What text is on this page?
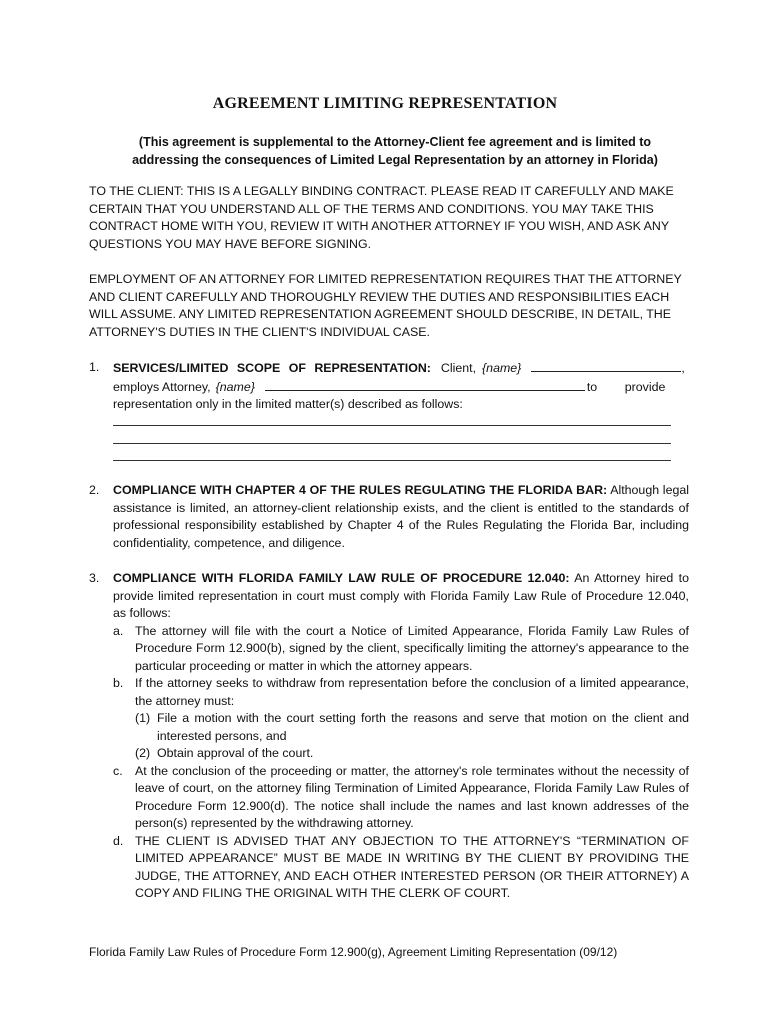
AGREEMENT LIMITING REPRESENTATION
(This agreement is supplemental to the Attorney-Client fee agreement and is limited to addressing the consequences of Limited Legal Representation by an attorney in Florida)
TO THE CLIENT: THIS IS A LEGALLY BINDING CONTRACT. PLEASE READ IT CAREFULLY AND MAKE CERTAIN THAT YOU UNDERSTAND ALL OF THE TERMS AND CONDITIONS. YOU MAY TAKE THIS CONTRACT HOME WITH YOU, REVIEW IT WITH ANOTHER ATTORNEY IF YOU WISH, AND ASK ANY QUESTIONS YOU MAY HAVE BEFORE SIGNING.
EMPLOYMENT OF AN ATTORNEY FOR LIMITED REPRESENTATION REQUIRES THAT THE ATTORNEY AND CLIENT CAREFULLY AND THOROUGHLY REVIEW THE DUTIES AND RESPONSIBILITIES EACH WILL ASSUME. ANY LIMITED REPRESENTATION AGREEMENT SHOULD DESCRIBE, IN DETAIL, THE ATTORNEY'S DUTIES IN THE CLIENT'S INDIVIDUAL CASE.
1. SERVICES/LIMITED SCOPE OF REPRESENTATION: Client, {name}	,
employs Attorney, {name}	to        provide
representation only in the limited matter(s) described as follows:
2. COMPLIANCE WITH CHAPTER 4 OF THE RULES REGULATING THE FLORIDA BAR: Although legal assistance is limited, an attorney-client relationship exists, and the client is entitled to the standards of professional responsibility established by Chapter 4 of the Rules Regulating the Florida Bar, including confidentiality, competence, and diligence.
3. COMPLIANCE WITH FLORIDA FAMILY LAW RULE OF PROCEDURE 12.040: An Attorney hired to provide limited representation in court must comply with Florida Family Law Rule of Procedure 12.040, as follows:
a. The attorney will file with the court a Notice of Limited Appearance, Florida Family Law Rules of Procedure Form 12.900(b), signed by the client, specifically limiting the attorney's appearance to the particular proceeding or matter in which the attorney appears.
b. If the attorney seeks to withdraw from representation before the conclusion of a limited appearance, the attorney must:
(1) File a motion with the court setting forth the reasons and serve that motion on the client and interested persons, and
(2) Obtain approval of the court.
c. At the conclusion of the proceeding or matter, the attorney's role terminates without the necessity of leave of court, on the attorney filing Termination of Limited Appearance, Florida Family Law Rules of Procedure Form 12.900(d). The notice shall include the names and last known addresses of the person(s) represented by the withdrawing attorney.
d. THE CLIENT IS ADVISED THAT ANY OBJECTION TO THE ATTORNEY'S “TERMINATION OF LIMITED APPEARANCE” MUST BE MADE IN WRITING BY THE CLIENT BY PROVIDING THE JUDGE, THE ATTORNEY, AND EACH OTHER INTERESTED PERSON (OR THEIR ATTORNEY) A COPY AND FILING THE ORIGINAL WITH THE CLERK OF COURT.
Florida Family Law Rules of Procedure Form 12.900(g), Agreement Limiting Representation (09/12)
